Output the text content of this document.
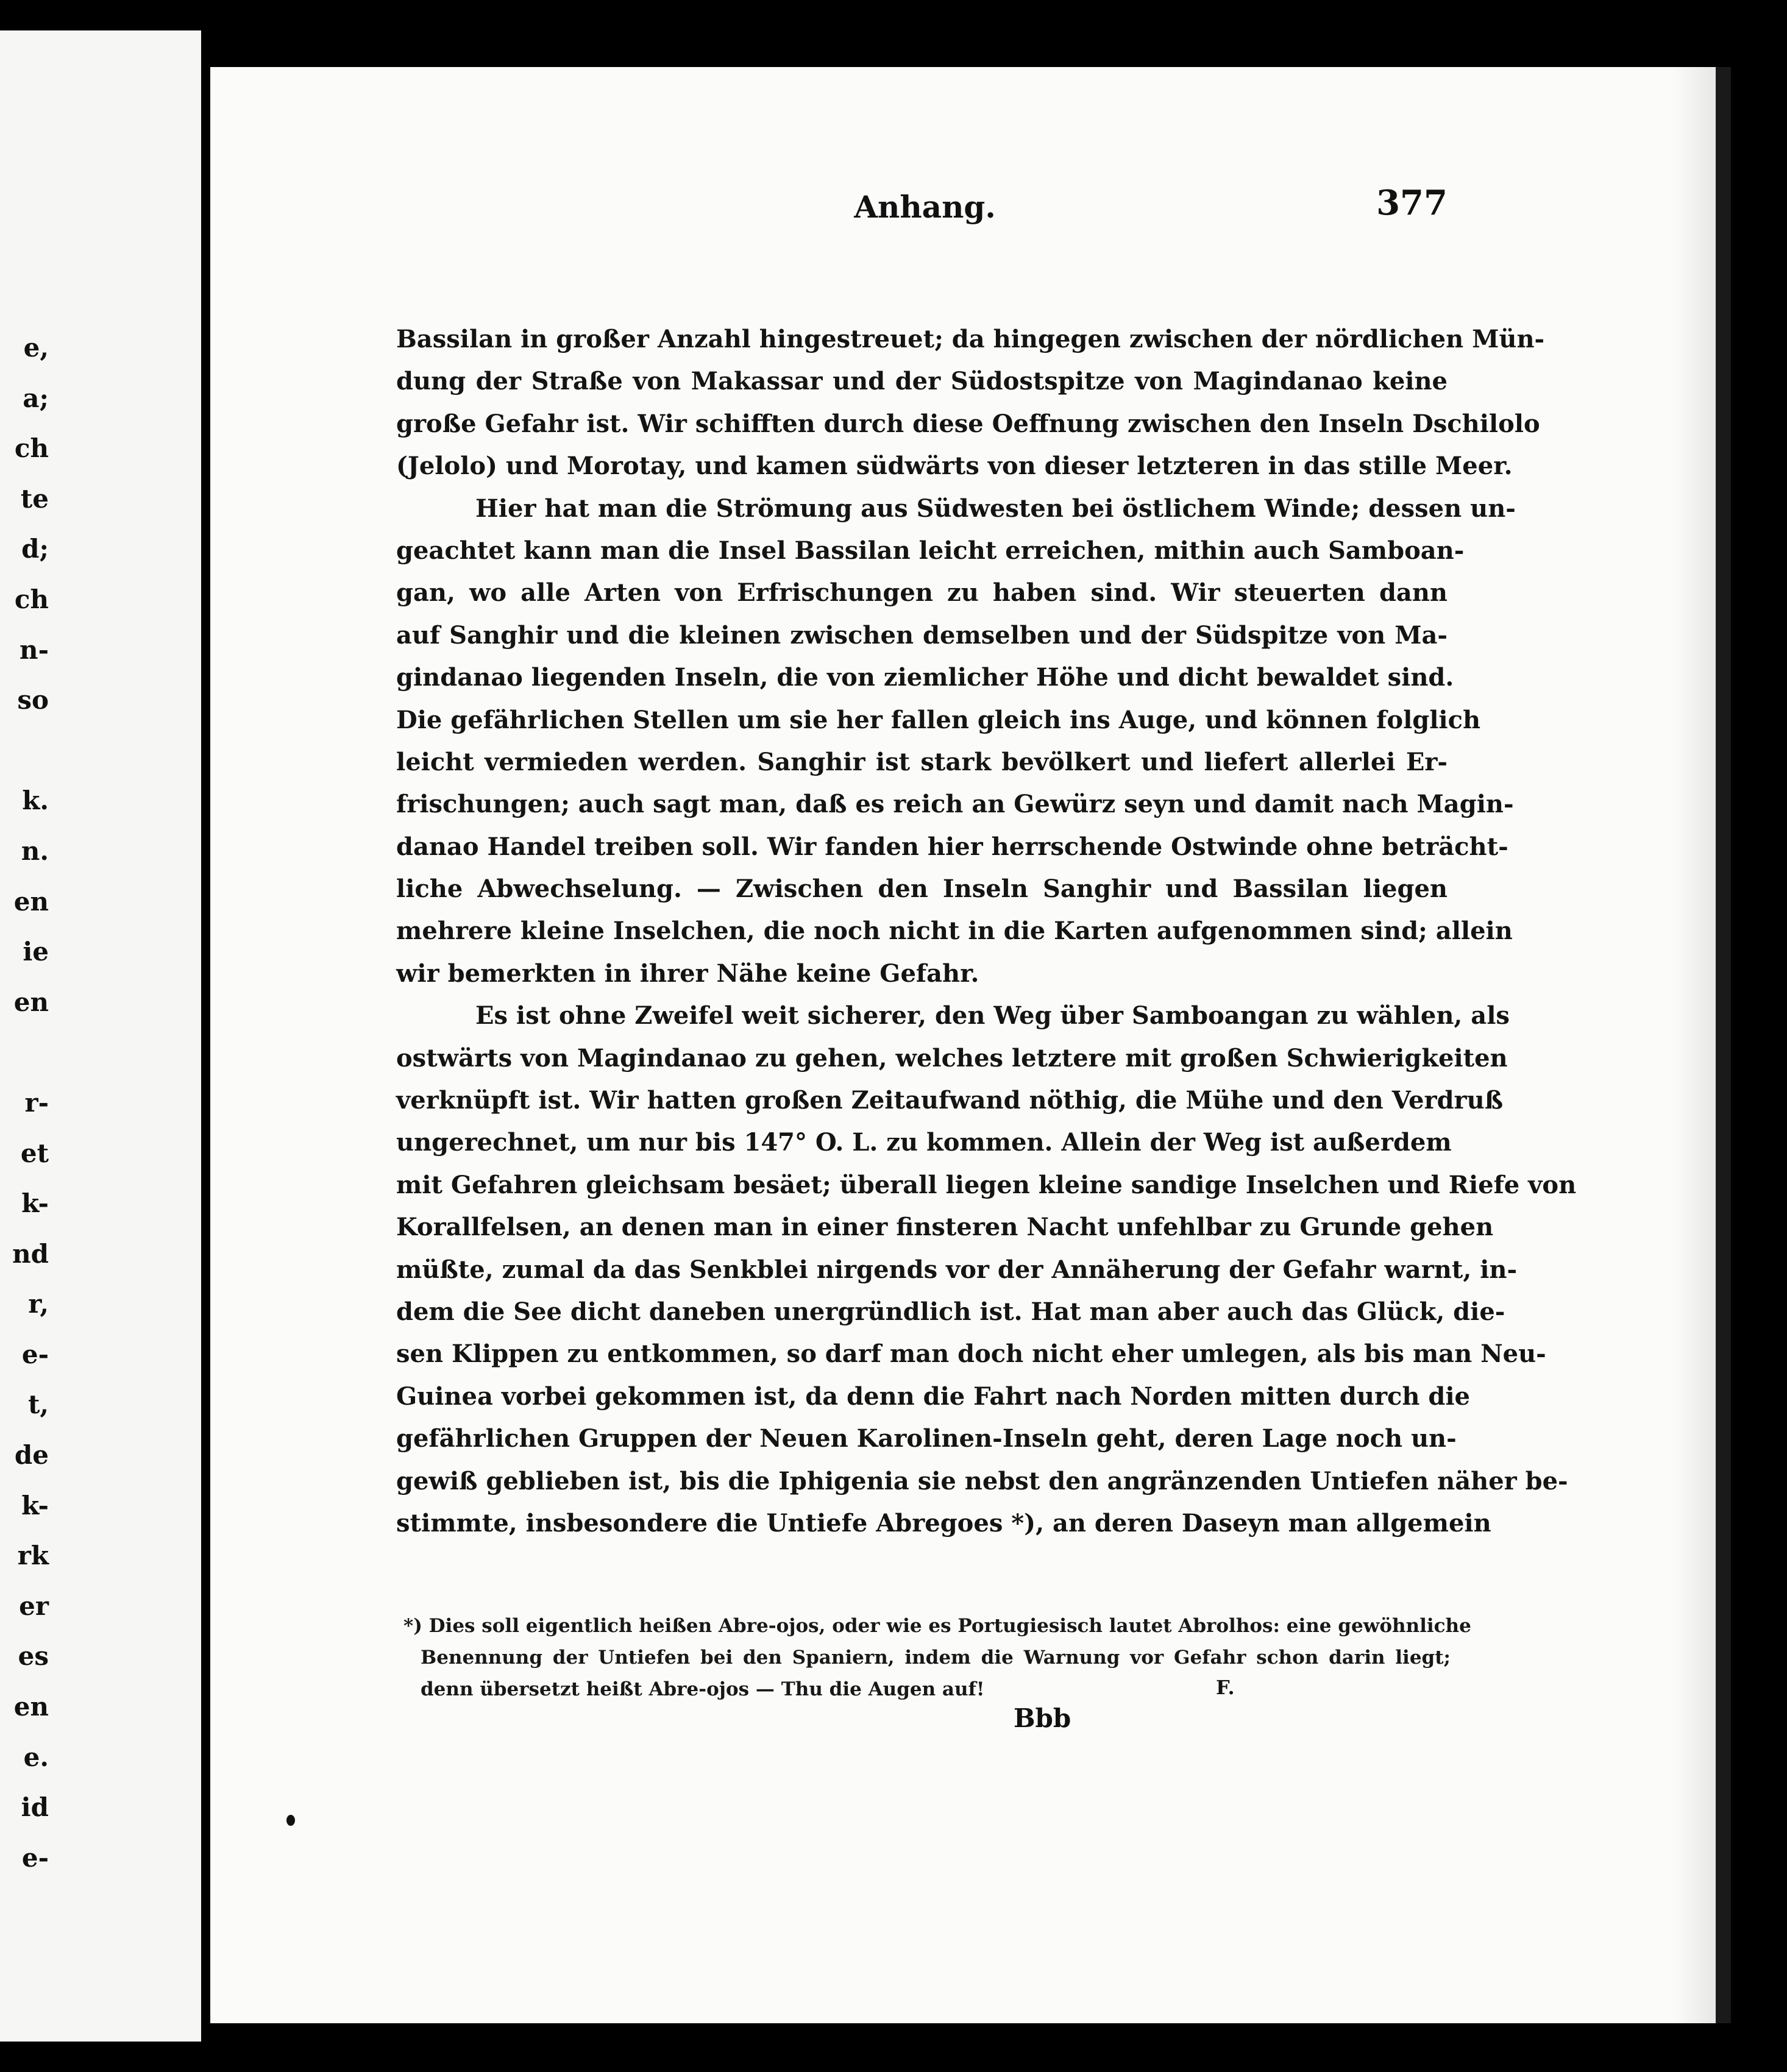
e,
a;
ch
te
d;
ch
n-
so
k.
n.
en
ie
en
r-
et
k-
nd
r,
e-
t,
de
k-
rk
er
es
en
e.
id
e-
Anhang.	377
Bassilan in großer Anzahl hingestreuet; da hingegen zwischen der nördlichen Mün-
dung der Straße von Makassar und der Südostspitze von Magindanao keine
große Gefahr ist. Wir schifften durch diese Oeffnung zwischen den Inseln Dschilolo
(Jelolo) und Morotay, und kamen südwärts von dieser letzteren in das stille Meer.
Hier hat man die Strömung aus Südwesten bei östlichem Winde; dessen un-
geachtet kann man die Insel Bassilan leicht erreichen, mithin auch Samboan-
gan, wo alle Arten von Erfrischungen zu haben sind. Wir steuerten dann
auf Sanghir und die kleinen zwischen demselben und der Südspitze von Ma-
gindanao liegenden Inseln, die von ziemlicher Höhe und dicht bewaldet sind.
Die gefährlichen Stellen um sie her fallen gleich ins Auge, und können folglich
leicht vermieden werden. Sanghir ist stark bevölkert und liefert allerlei Er-
frischungen; auch sagt man, daß es reich an Gewürz seyn und damit nach Magin-
danao Handel treiben soll. Wir fanden hier herrschende Ostwinde ohne beträcht-
liche Abwechselung. — Zwischen den Inseln Sanghir und Bassilan liegen
mehrere kleine Inselchen, die noch nicht in die Karten aufgenommen sind; allein
wir bemerkten in ihrer Nähe keine Gefahr.
Es ist ohne Zweifel weit sicherer, den Weg über Samboangan zu wählen, als
ostwärts von Magindanao zu gehen, welches letztere mit großen Schwierigkeiten
verknüpft ist. Wir hatten großen Zeitaufwand nöthig, die Mühe und den Verdruß
ungerechnet, um nur bis 147° O. L. zu kommen. Allein der Weg ist außerdem
mit Gefahren gleichsam besäet; überall liegen kleine sandige Inselchen und Riefe von
Korallfelsen, an denen man in einer finsteren Nacht unfehlbar zu Grunde gehen
müßte, zumal da das Senkblei nirgends vor der Annäherung der Gefahr warnt, in-
dem die See dicht daneben unergründlich ist. Hat man aber auch das Glück, die-
sen Klippen zu entkommen, so darf man doch nicht eher umlegen, als bis man Neu-
Guinea vorbei gekommen ist, da denn die Fahrt nach Norden mitten durch die
gefährlichen Gruppen der Neuen Karolinen-Inseln geht, deren Lage noch un-
gewiß geblieben ist, bis die Iphigenia sie nebst den angränzenden Untiefen näher be-
stimmte, insbesondere die Untiefe Abregoes *), an deren Daseyn man allgemein
*) Dies soll eigentlich heißen Abre-ojos, oder wie es Portugiesisch lautet Abrolhos: eine gewöhnliche
Benennung der Untiefen bei den Spaniern, indem die Warnung vor Gefahr schon darin liegt;
denn übersetzt heißt Abre-ojos — Thu die Augen auf!	F.
Bbb
